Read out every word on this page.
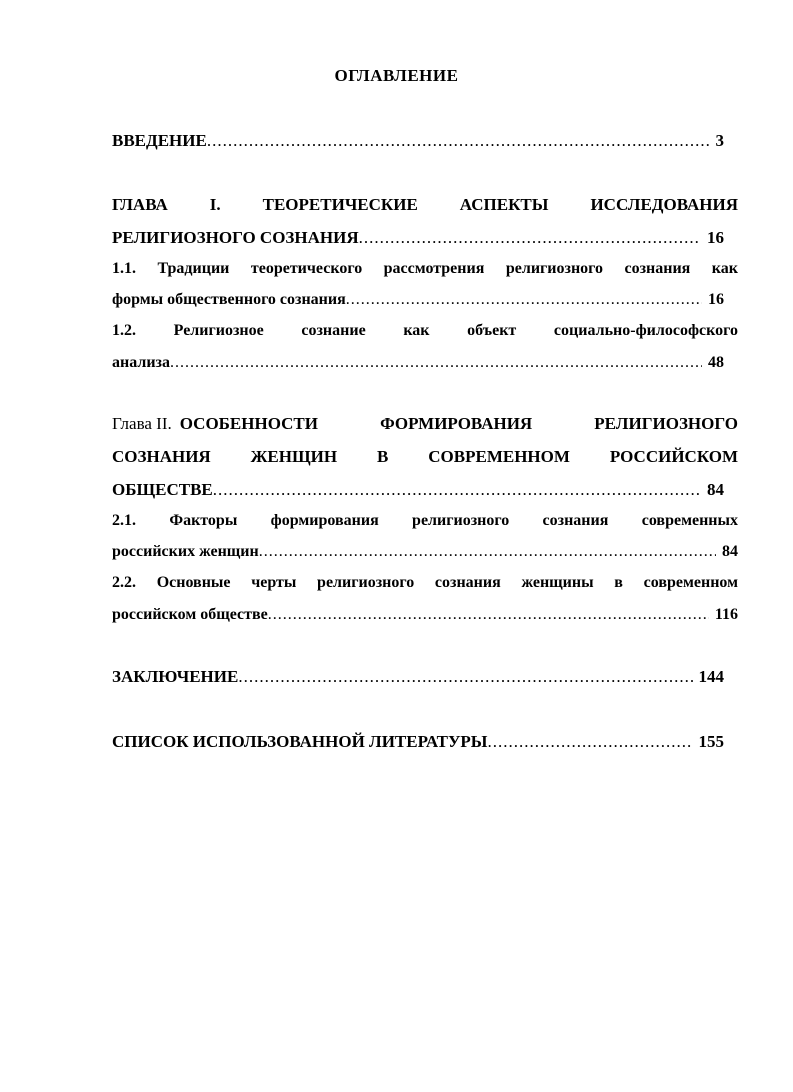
ОГЛАВЛЕНИЕ
ВВЕДЕНИЕ .....	3
ГЛАВА I. ТЕОРЕТИЧЕСКИЕ АСПЕКТЫ ИССЛЕДОВАНИЯ
РЕЛИГИОЗНОГО СОЗНАНИЯ .....	16
1.1. Традиции теоретического рассмотрения религиозного сознания как
формы общественного сознания .....	16
1.2. Религиозное сознание как объект социально-философского
анализа .....	48
Глава II. ОСОБЕННОСТИ ФОРМИРОВАНИЯ РЕЛИГИОЗНОГО
СОЗНАНИЯ ЖЕНЩИН В СОВРЕМЕННОМ РОССИЙСКОМ
ОБЩЕСТВЕ .....	84
2.1. Факторы формирования религиозного сознания современных
российских женщин .....	84
2.2. Основные черты религиозного сознания женщины в современном
российском обществе .....	116
ЗАКЛЮЧЕНИЕ .....	144
СПИСОК ИСПОЛЬЗОВАННОЙ ЛИТЕРАТУРЫ .....	155
